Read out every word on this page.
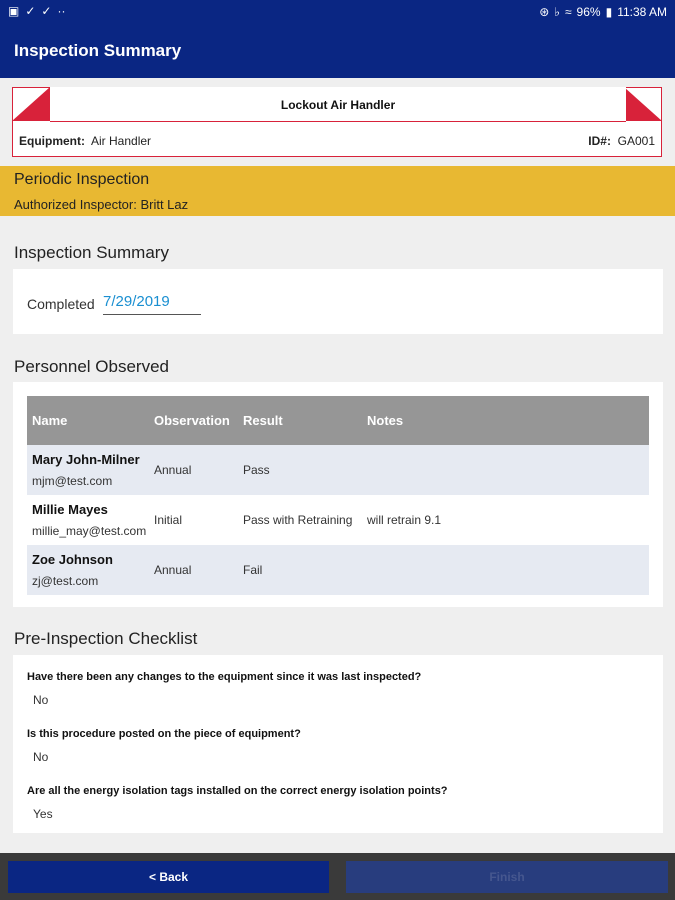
▣ ✓ ✓ ··	⊛ ♭ ≈ 96% ▮ 11:38 AM
Inspection Summary
Lockout Air Handler
Equipment: Air Handler	ID#: GA001
Periodic Inspection
Authorized Inspector: Britt Laz
Inspection Summary
Completed 7/29/2019
Personnel Observed
Name	Observation	Result	Notes

Mary John-Milner
mjm@test.com	Annual	Pass	

Millie Mayes
millie_may@test.com	Initial	Pass with Retraining	will retrain 9.1

Zoe Johnson
zj@test.com	Annual	Fail	
Pre-Inspection Checklist
Have there been any changes to the equipment since it was last inspected?
No
Is this procedure posted on the piece of equipment?
No
Are all the energy isolation tags installed on the correct energy isolation points?
Yes
< Back	Finish
